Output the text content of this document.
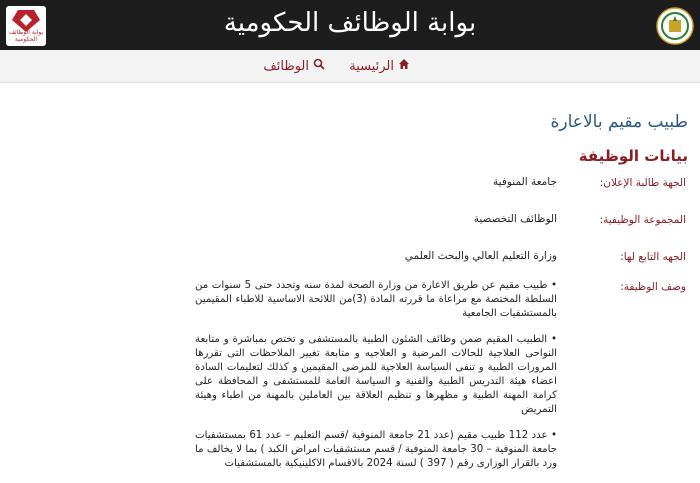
بوابة الوظائف الحكومية
بوابة الوظائف الحكومية
الرئيسية
الوظائف
طبيب مقيم بالاعارة
بيانات الوظيفة
الجهة طالبة الإعلان:
جامعة المنوفية
المجموعة الوظيفية:
الوظائف التخصصية
الجهه التابع لها:
وزارة التعليم العالي والبحث العلمي
وصف الوظيفة:

• طبيب مقيم عن طريق الاعارة من وزارة الصحة لمدة سنه وتجدد حتى 5 سنوات من السلطة المختصة مع مراعاة ما قررته المادة (3)من اللائحة الاساسية للاطباء المقيمين بالمستشفيات الجامعية

• الطبيب المقيم ضمن وظائف الشئون الطبية بالمستشفى و تختص بمباشرة و متابعة النواحى العلاجية للحالات المرضية و العلاجيه و متابعة تغيير الملاحظات التى تقررها المرورات الطبية و تنفى السياسة العلاجية للمرضى المقيمين و كذلك لتعليمات السادة اعضاء هيئة التدريس الطبية والفنية و السياسة العامة للمستشفى و المحافظة على كرامة المهنة الطبية و مظهرها و تنظيم العلاقة بين العاملين بالمهنة من اطباء وهيئة التمريض

• عدد 112 طبيب مقيم (عدد 21 جامعة المنوفية /قسم التعليم – عدد 61 بمستشفيات جامعة المنوفية – 30 جامعة المنوفية / قسم مستشفيات امراض الكبد ) بما لا يخالف ما ورد بالقرار الوزارى رقم ( 397 ) لسنة 2024 بالاقسام الاكلينيكية بالمستشفيات
